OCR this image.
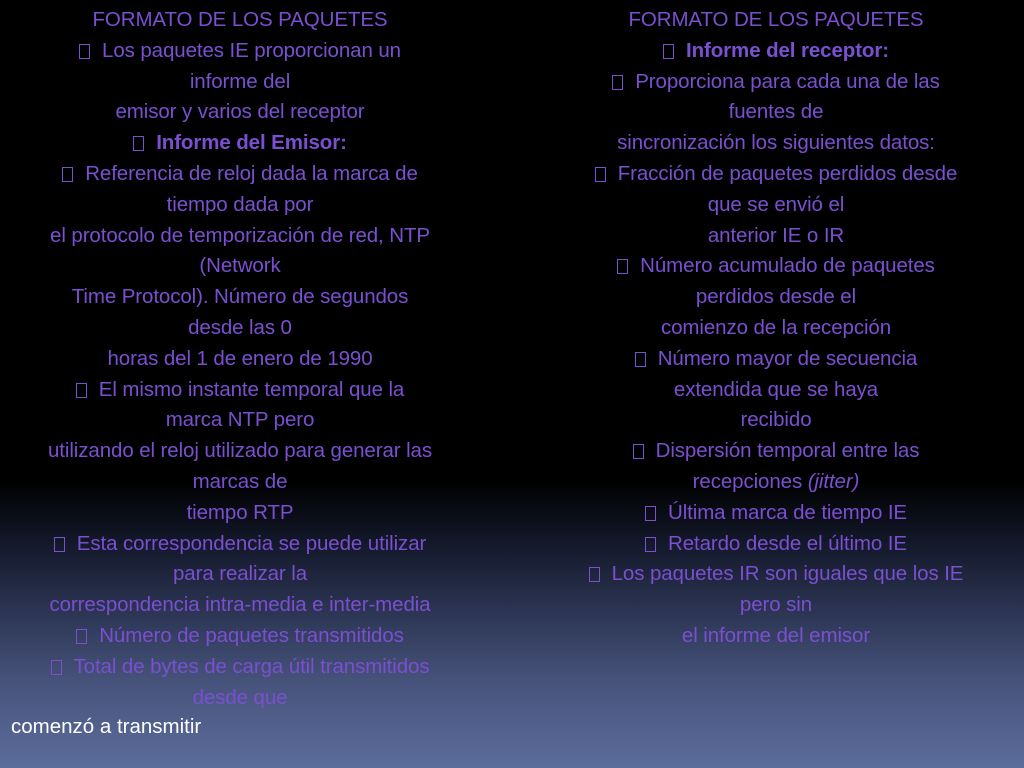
FORMATO DE LOS PAQUETES
Los paquetes IE proporcionan un
informe del
emisor y varios del receptor
Informe del Emisor:
Referencia de reloj dada la marca de
tiempo dada por
el protocolo de temporización de red, NTP
(Network
Time Protocol). Número de segundos
desde las 0
horas del 1 de enero de 1990
El mismo instante temporal que la
marca NTP pero
utilizando el reloj utilizado para generar las
marcas de
tiempo RTP
Esta correspondencia se puede utilizar
para realizar la
correspondencia intra-media e inter-media
Número de paquetes transmitidos
Total de bytes de carga útil transmitidos
desde que
FORMATO DE LOS PAQUETES
Informe del receptor:
Proporciona para cada una de las
fuentes de
sincronización los siguientes datos:
Fracción de paquetes perdidos desde
que se envió el
anterior IE o IR
Número acumulado de paquetes
perdidos desde el
comienzo de la recepción
Número mayor de secuencia
extendida que se haya
recibido
Dispersión temporal entre las
recepciones (jitter)
Última marca de tiempo IE
Retardo desde el último IE
Los paquetes IR son iguales que los IE
pero sin
el informe del emisor
comenzó a transmitir
